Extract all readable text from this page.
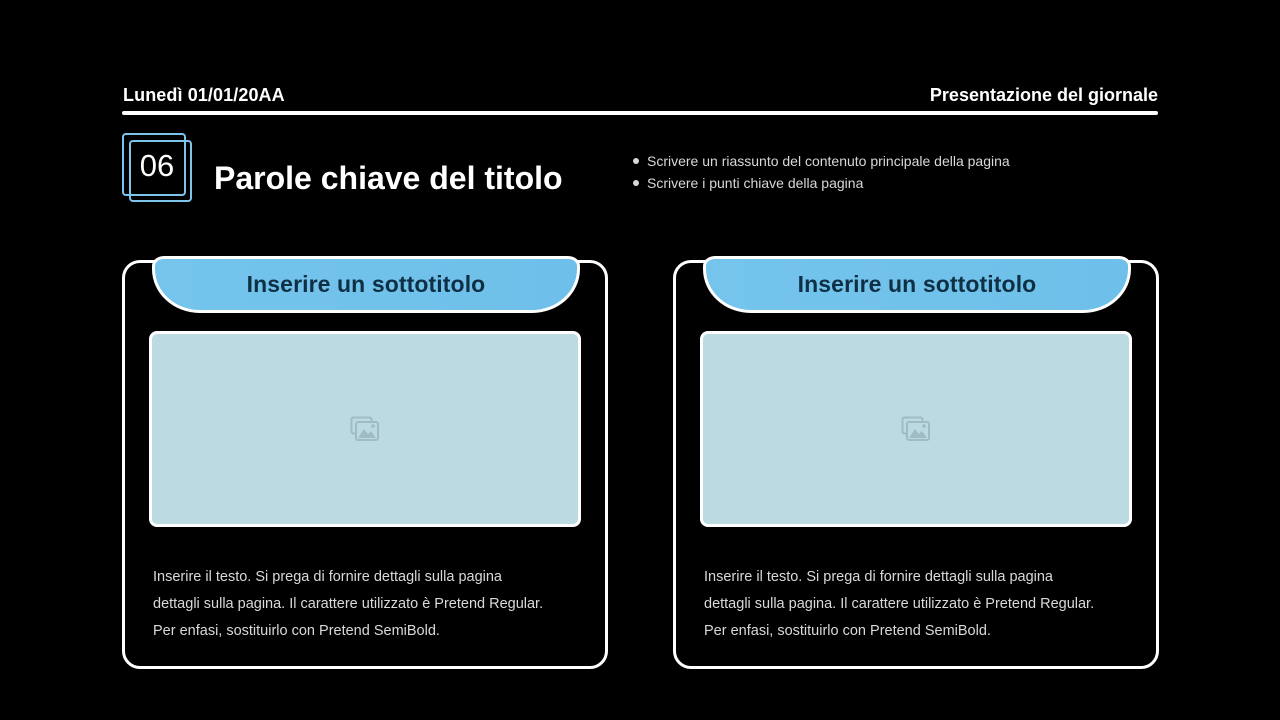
Lunedì 01/01/20AA	Presentazione del giornale
06	Parole chiave del titolo	Scrivere un riassunto del contenuto principale della pagina
Scrivere i punti chiave della pagina
Inserire un sottotitolo

Inserire il testo. Si prega di fornire dettagli sulla pagina

dettagli sulla pagina. Il carattere utilizzato è Pretend Regular.

Per enfasi, sostituirlo con Pretend SemiBold.

Inserire un sottotitolo

Inserire il testo. Si prega di fornire dettagli sulla pagina

dettagli sulla pagina. Il carattere utilizzato è Pretend Regular.

Per enfasi, sostituirlo con Pretend SemiBold.
